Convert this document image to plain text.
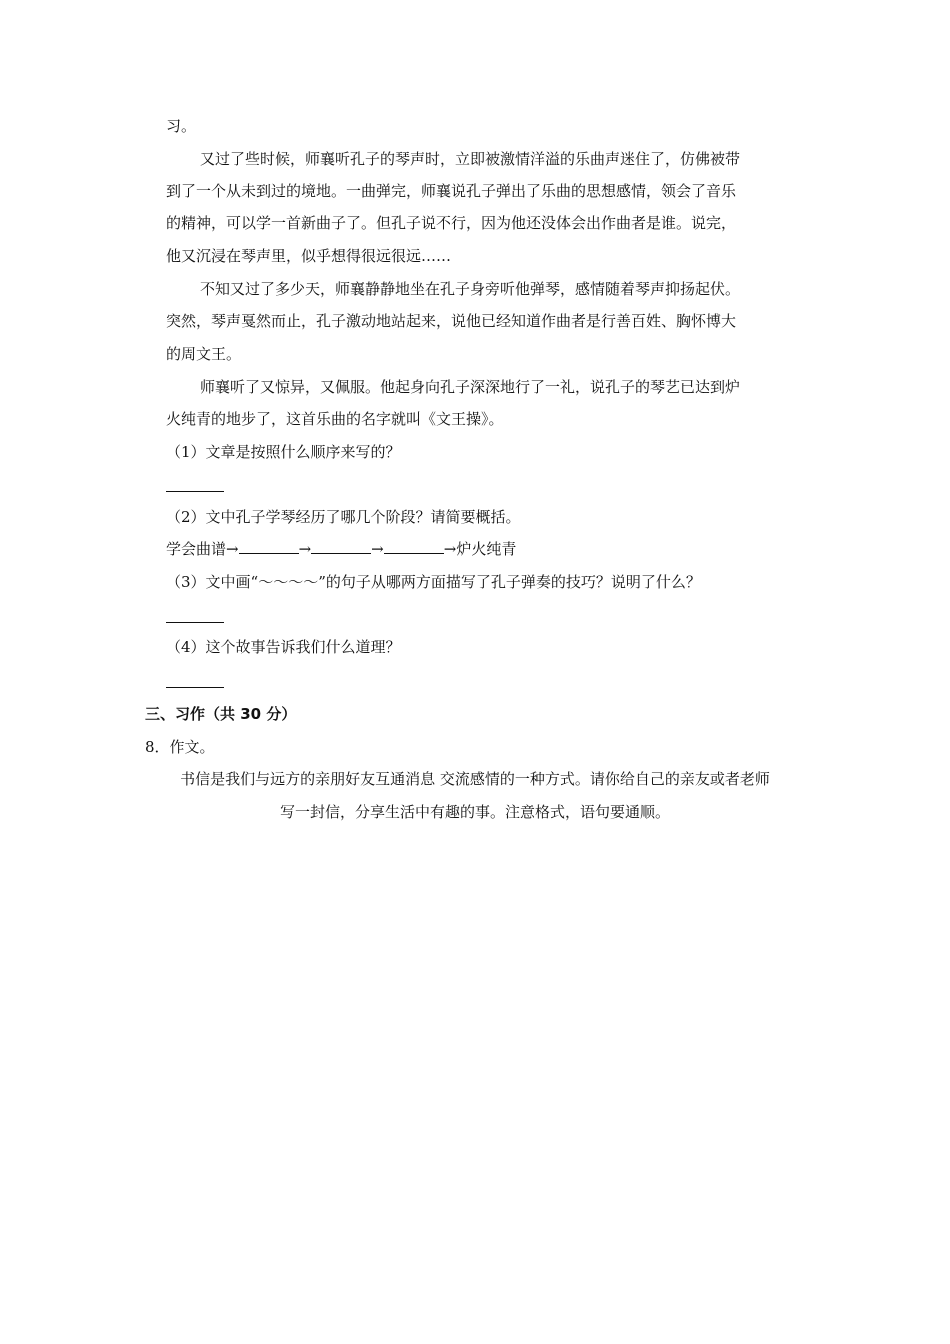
习。
又过了些时候，师襄听孔子的琴声时，立即被激情洋溢的乐曲声迷住了，仿佛被带
到了一个从未到过的境地。一曲弹完，师襄说孔子弹出了乐曲的思想感情，领会了音乐
的精神，可以学一首新曲子了。但孔子说不行，因为他还没体会出作曲者是谁。说完，
他又沉浸在琴声里，似乎想得很远很远……
不知又过了多少天，师襄静静地坐在孔子身旁听他弹琴，感情随着琴声抑扬起伏。
突然，琴声戛然而止，孔子激动地站起来，说他已经知道作曲者是行善百姓、胸怀博大
的周文王。
师襄听了又惊异，又佩服。他起身向孔子深深地行了一礼，说孔子的琴艺已达到炉
火纯青的地步了，这首乐曲的名字就叫《文王操》。
（1）文章是按照什么顺序来写的？
（2）文中孔子学琴经历了哪几个阶段？请简要概括。
学会曲谱→	→	→	→炉火纯青
（3）文中画“～～～～”的句子从哪两方面描写了孔子弹奏的技巧？说明了什么？
（4）这个故事告诉我们什么道理？
三、习作（共 30 分）
8．作文。
书信是我们与远方的亲朋好友互通消息 交流感情的一种方式。请你给自己的亲友或者老师
写一封信，分享生活中有趣的事。注意格式，语句要通顺。
